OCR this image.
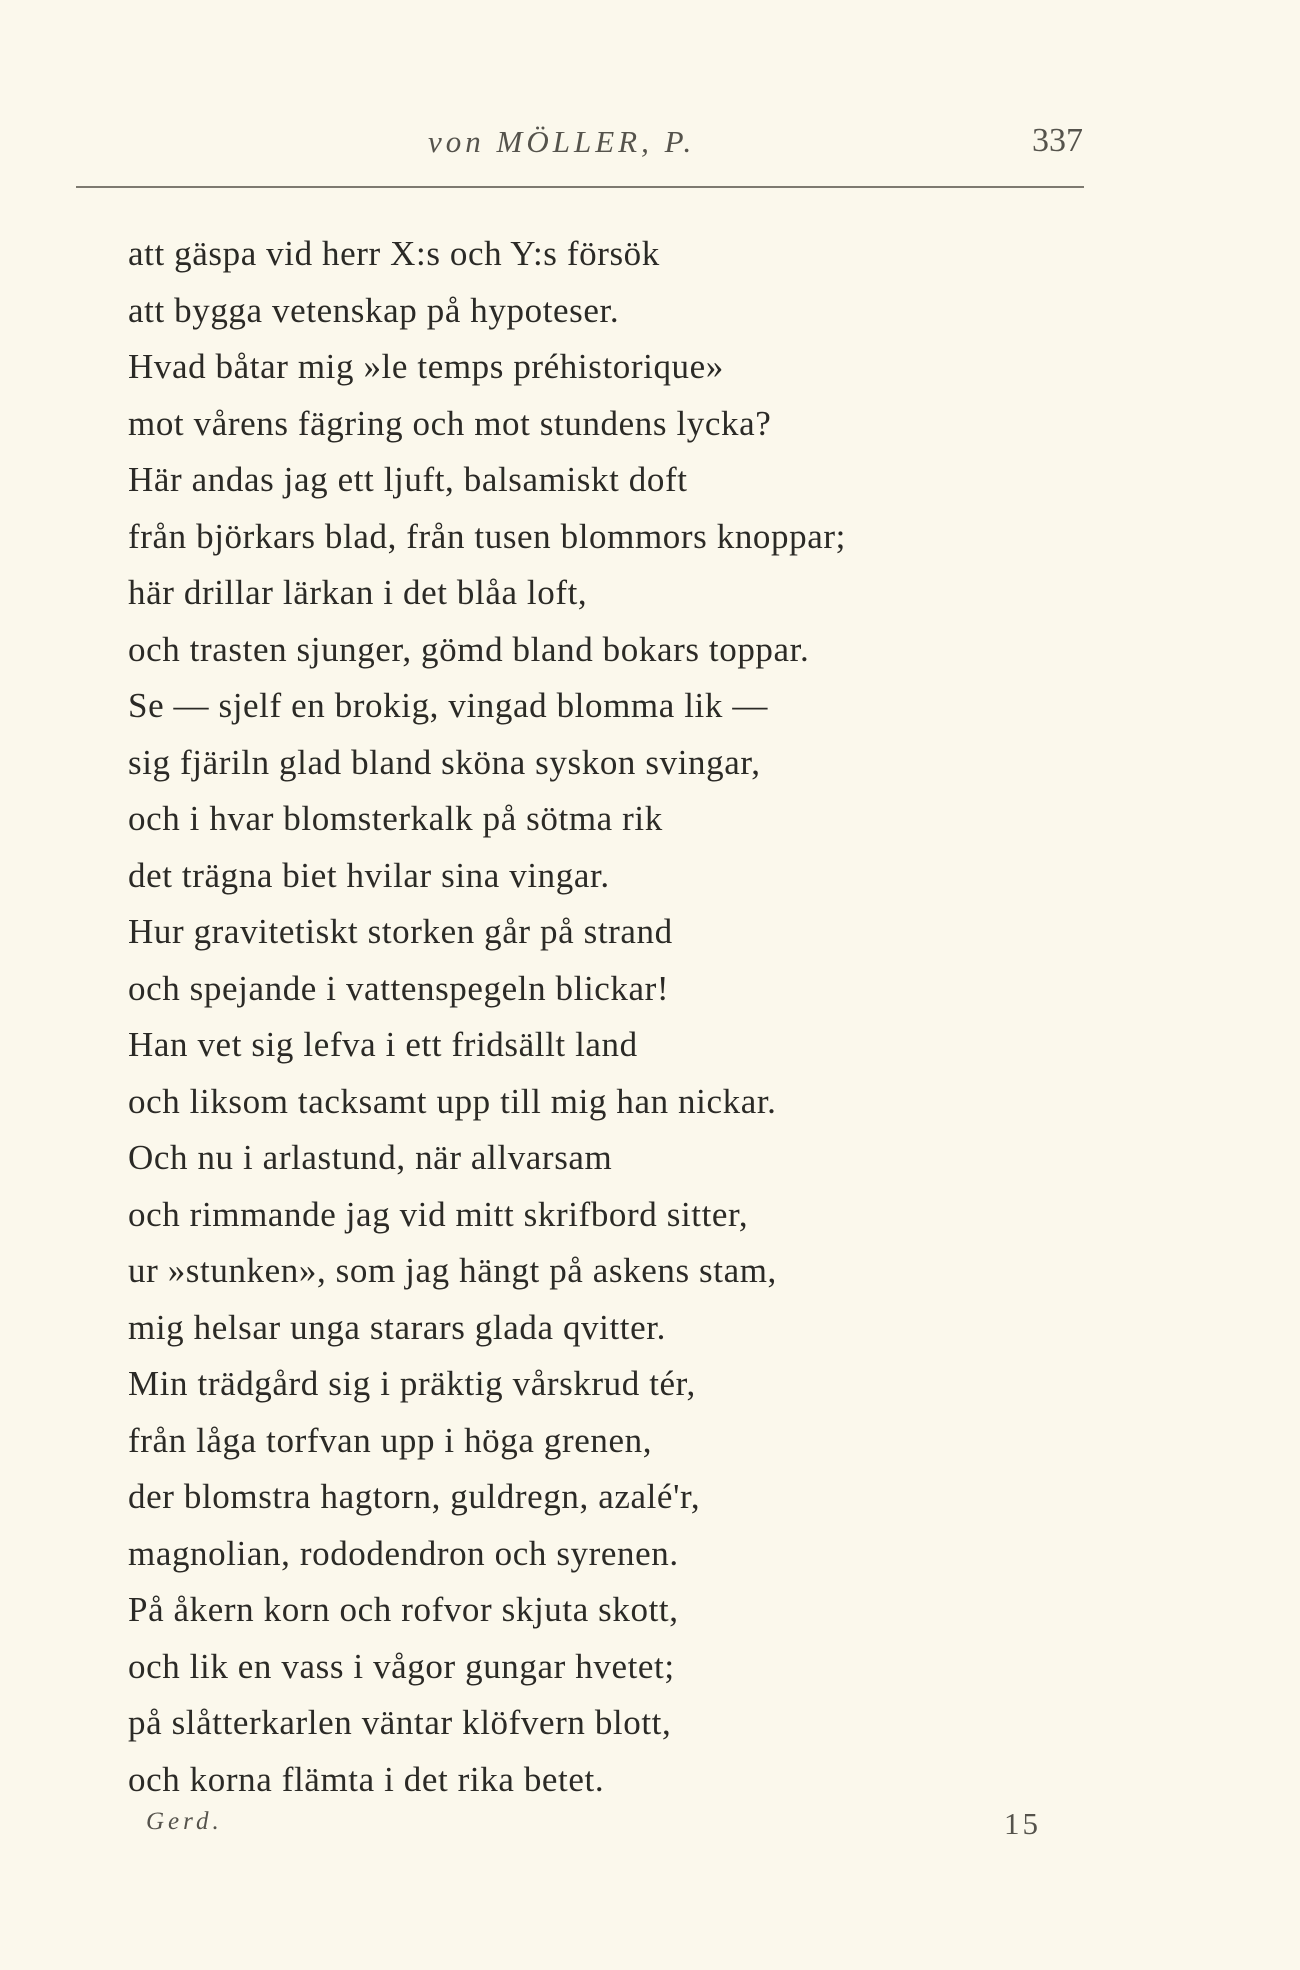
von MÖLLER, P.	337
att gäspa vid herr X:s och Y:s försök
att bygga vetenskap på hypoteser.
Hvad båtar mig »le temps préhistorique»
mot vårens fägring och mot stundens lycka?
Här andas jag ett ljuft, balsamiskt doft
från björkars blad, från tusen blommors knoppar;
här drillar lärkan i det blåa loft,
och trasten sjunger, gömd bland bokars toppar.
Se — sjelf en brokig, vingad blomma lik —
sig fjäriln glad bland sköna syskon svingar,
och i hvar blomsterkalk på sötma rik
det trägna biet hvilar sina vingar.
Hur gravitetiskt storken går på strand
och spejande i vattenspegeln blickar!
Han vet sig lefva i ett fridsällt land
och liksom tacksamt upp till mig han nickar.
Och nu i arlastund, när allvarsam
och rimmande jag vid mitt skrifbord sitter,
ur »stunken», som jag hängt på askens stam,
mig helsar unga starars glada qvitter.
Min trädgård sig i präktig vårskrud tér,
från låga torfvan upp i höga grenen,
der blomstra hagtorn, guldregn, azalé'r,
magnolian, rododendron och syrenen.
På åkern korn och rofvor skjuta skott,
och lik en vass i vågor gungar hvetet;
på slåtterkarlen väntar klöfvern blott,
och korna flämta i det rika betet.
Gerd.	15
